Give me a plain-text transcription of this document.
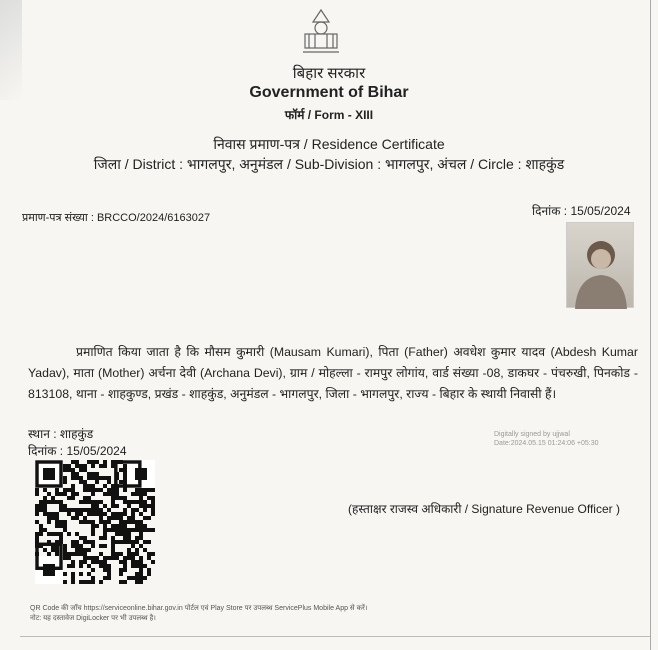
बिहार सरकार
Government of Bihar
फॉर्म / Form - XIII
निवास प्रमाण-पत्र / Residence Certificate
जिला / District : भागलपुर, अनुमंडल / Sub-Division : भागलपुर, अंचल / Circle : शाहकुंड
प्रमाण-पत्र संख्या : BRCCO/2024/6163027	दिनांक : 15/05/2024

प्रमाणित किया जाता है कि मौसम कुमारी (Mausam Kumari), पिता (Father) अवधेश कुमार यादव (Abdesh Kumar Yadav), माता (Mother) अर्चना देवी (Archana Devi), ग्राम / मोहल्ला - रामपुर लोगांय, वार्ड संख्या -08, डाकघर - पंचरुखी, पिनकोड - 813108, थाना - शाहकुण्ड, प्रखंड - शाहकुंड, अनुमंडल - भागलपुर, जिला - भागलपुर, राज्य - बिहार के स्थायी निवासी हैं।

स्थान : शाहकुंड
दिनांक : 15/05/2024
Digitally signed by ujjwal
Date:2024.05.15 01:24:06 +05:30
(हस्ताक्षर राजस्व अधिकारी / Signature Revenue Officer )
QR Code की जाँच https://serviceonline.bihar.gov.in पोर्टल एवं Play Store पर उपलब्ध ServicePlus Mobile App से करें।
नोट: यह दस्तावेज DigiLocker पर भी उपलब्ध है।
